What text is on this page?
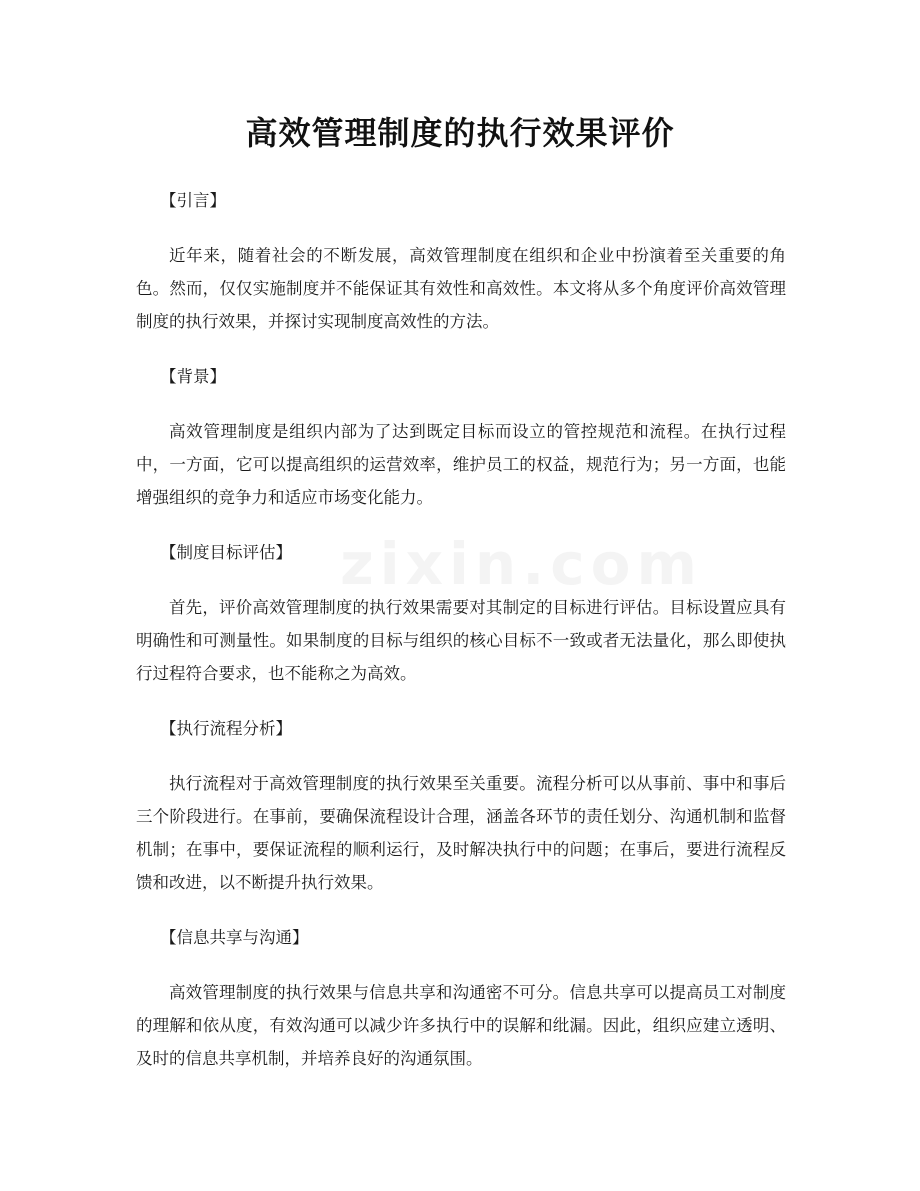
zixin.com
高效管理制度的执行效果评价
【引言】

近年来，随着社会的不断发展，高效管理制度在组织和企业中扮演着至关重要的角色。然而，仅仅实施制度并不能保证其有效性和高效性。本文将从多个角度评价高效管理制度的执行效果，并探讨实现制度高效性的方法。

【背景】

高效管理制度是组织内部为了达到既定目标而设立的管控规范和流程。在执行过程中，一方面，它可以提高组织的运营效率，维护员工的权益，规范行为；另一方面，也能增强组织的竞争力和适应市场变化能力。

【制度目标评估】

首先，评价高效管理制度的执行效果需要对其制定的目标进行评估。目标设置应具有明确性和可测量性。如果制度的目标与组织的核心目标不一致或者无法量化，那么即使执行过程符合要求，也不能称之为高效。

【执行流程分析】

执行流程对于高效管理制度的执行效果至关重要。流程分析可以从事前、事中和事后三个阶段进行。在事前，要确保流程设计合理，涵盖各环节的责任划分、沟通机制和监督机制；在事中，要保证流程的顺利运行，及时解决执行中的问题；在事后，要进行流程反馈和改进，以不断提升执行效果。

【信息共享与沟通】

高效管理制度的执行效果与信息共享和沟通密不可分。信息共享可以提高员工对制度的理解和依从度，有效沟通可以减少许多执行中的误解和纰漏。因此，组织应建立透明、及时的信息共享机制，并培养良好的沟通氛围。
